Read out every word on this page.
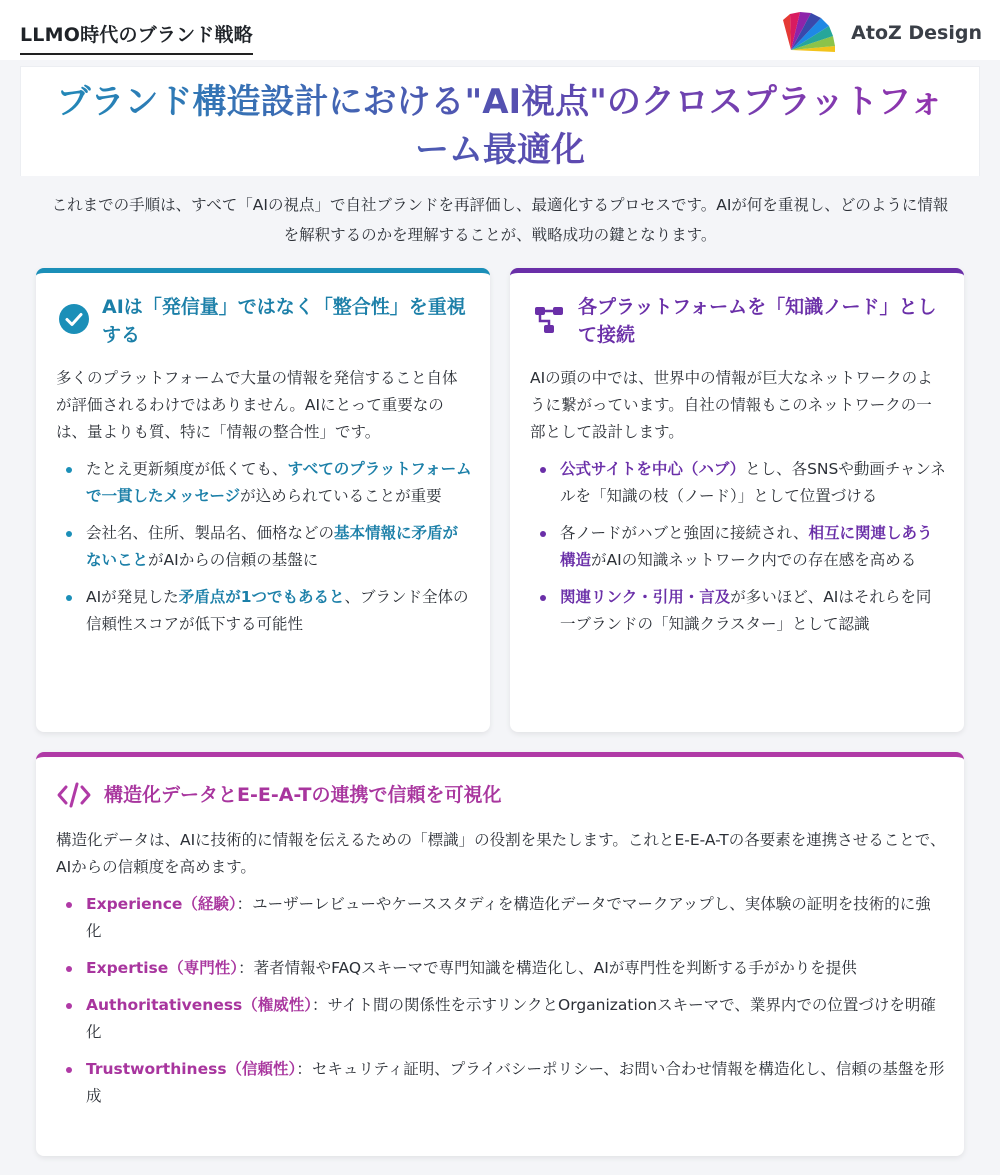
LLMO時代のブランド戦略	AtoZ Design
ブランド構造設計における"AI視点"のクロスプラットフォーム最適化

これまでの手順は、すべて「AIの視点」で自社ブランドを再評価し、最適化するプロセスです。AIが何を重視し、どのように情報を解釈するのかを理解することが、戦略成功の鍵となります。

AIは「発信量」ではなく「整合性」を重視する

多くのプラットフォームで大量の情報を発信すること自体が評価されるわけではありません。AIにとって重要なのは、量よりも質、特に「情報の整合性」です。

たとえ更新頻度が低くても、すべてのプラットフォームで一貫したメッセージが込められていることが重要
会社名、住所、製品名、価格などの基本情報に矛盾がないことがAIからの信頼の基盤に
AIが発見した矛盾点が1つでもあると、ブランド全体の信頼性スコアが低下する可能性
各プラットフォームを「知識ノード」として接続

AIの頭の中では、世界中の情報が巨大なネットワークのように繋がっています。自社の情報もこのネットワークの一部として設計します。

公式サイトを中心（ハブ）とし、各SNSや動画チャンネルを「知識の枝（ノード）」として位置づける
各ノードがハブと強固に接続され、相互に関連しあう構造がAIの知識ネットワーク内での存在感を高める
関連リンク・引用・言及が多いほど、AIはそれらを同一ブランドの「知識クラスター」として認識
構造化データとE-E-A-Tの連携で信頼を可視化

構造化データは、AIに技術的に情報を伝えるための「標識」の役割を果たします。これとE-E-A-Tの各要素を連携させることで、AIからの信頼度を高めます。

Experience（経験）：ユーザーレビューやケーススタディを構造化データでマークアップし、実体験の証明を技術的に強化
Expertise（専門性）：著者情報やFAQスキーマで専門知識を構造化し、AIが専門性を判断する手がかりを提供
Authoritativeness（権威性）：サイト間の関係性を示すリンクとOrganizationスキーマで、業界内での位置づけを明確化
Trustworthiness（信頼性）：セキュリティ証明、プライバシーポリシー、お問い合わせ情報を構造化し、信頼の基盤を形成
